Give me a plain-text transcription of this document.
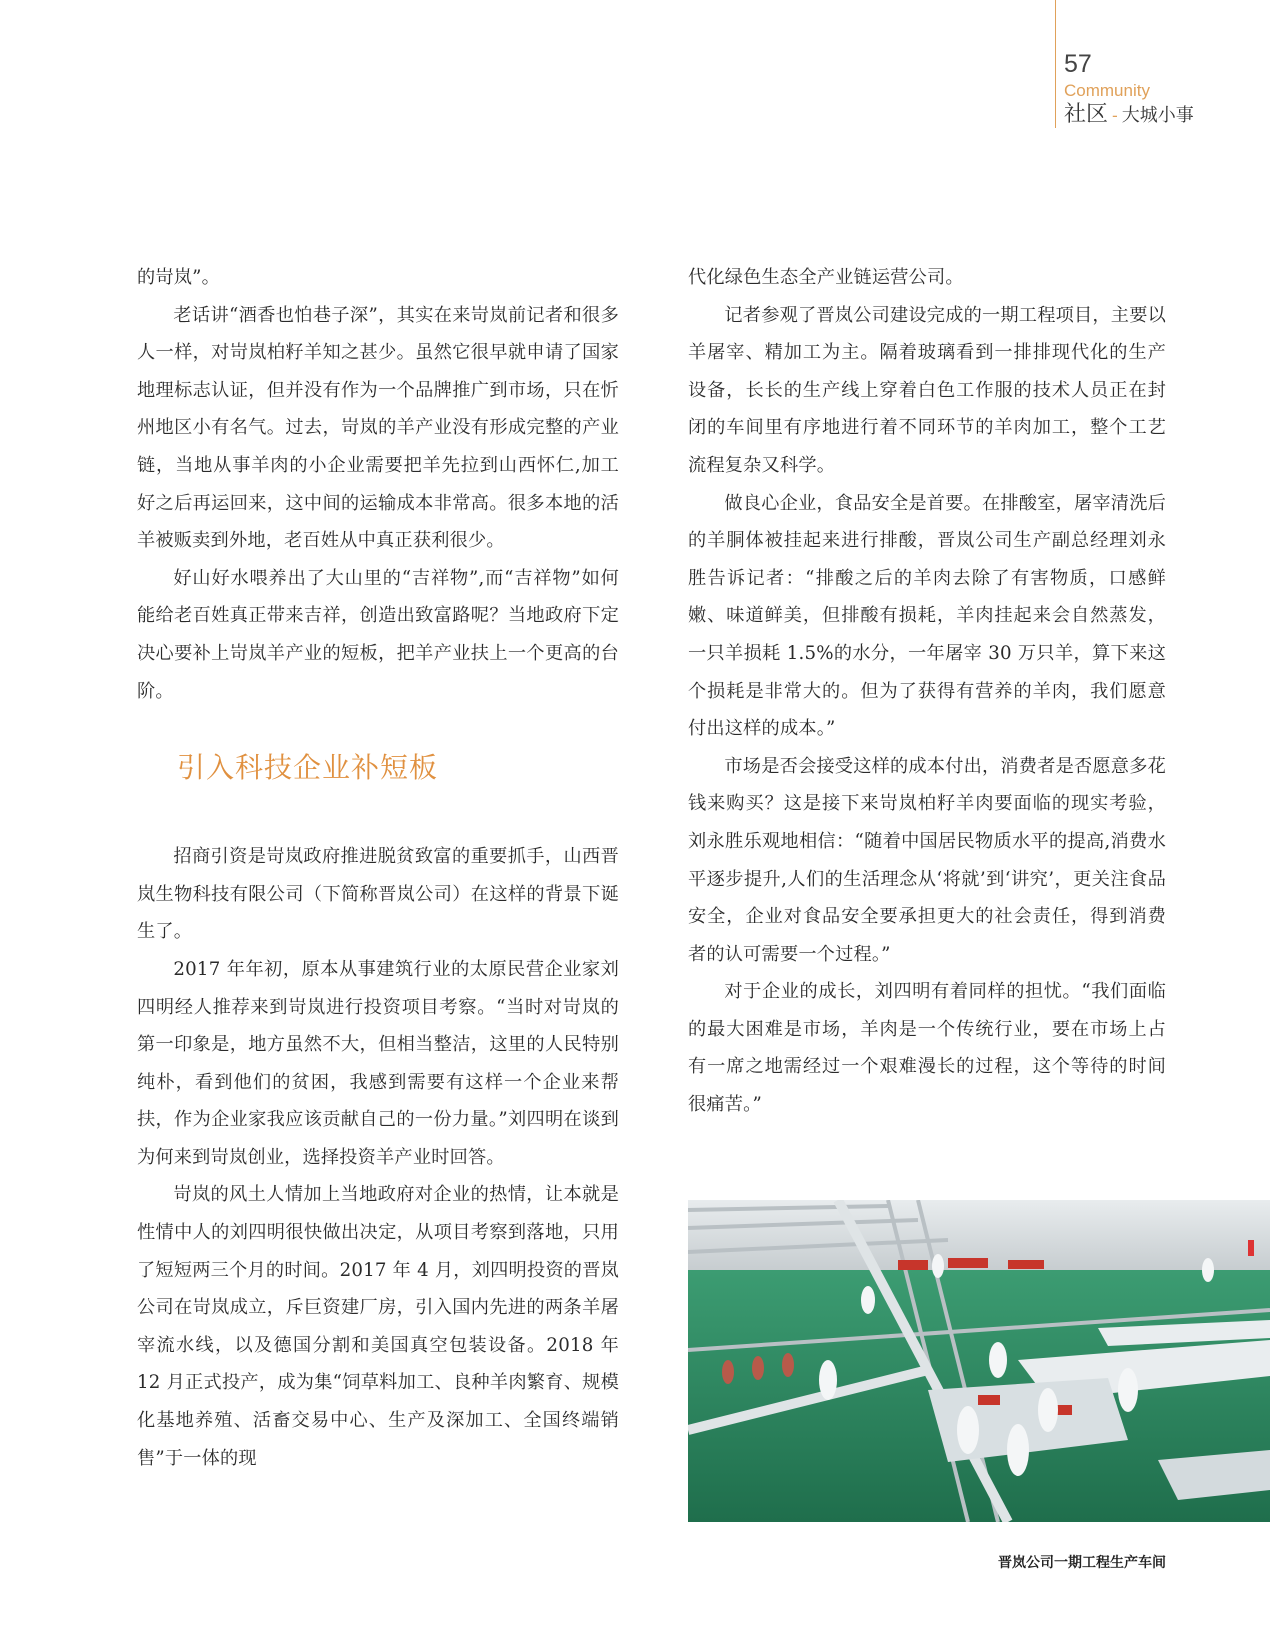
57
Community
社区 - 大城小事

的岢岚”。

老话讲“酒香也怕巷子深”，其实在来岢岚前记者和很多人一样，对岢岚柏籽羊知之甚少。虽然它很早就申请了国家地理标志认证，但并没有作为一个品牌推广到市场，只在忻州地区小有名气。过去，岢岚的羊产业没有形成完整的产业链，当地从事羊肉的小企业需要把羊先拉到山西怀仁,加工好之后再运回来，这中间的运输成本非常高。很多本地的活羊被贩卖到外地，老百姓从中真正获利很少。

好山好水喂养出了大山里的“吉祥物”,而“吉祥物”如何能给老百姓真正带来吉祥，创造出致富路呢？当地政府下定决心要补上岢岚羊产业的短板，把羊产业扶上一个更高的台阶。

引入科技企业补短板

招商引资是岢岚政府推进脱贫致富的重要抓手，山西晋岚生物科技有限公司（下简称晋岚公司）在这样的背景下诞生了。

2017 年年初，原本从事建筑行业的太原民营企业家刘四明经人推荐来到岢岚进行投资项目考察。“当时对岢岚的第一印象是，地方虽然不大，但相当整洁，这里的人民特别纯朴，看到他们的贫困，我感到需要有这样一个企业来帮扶，作为企业家我应该贡献自己的一份力量。”刘四明在谈到为何来到岢岚创业，选择投资羊产业时回答。

岢岚的风土人情加上当地政府对企业的热情，让本就是性情中人的刘四明很快做出决定，从项目考察到落地，只用了短短两三个月的时间。2017 年 4 月，刘四明投资的晋岚公司在岢岚成立，斥巨资建厂房，引入国内先进的两条羊屠宰流水线，以及德国分割和美国真空包装设备。2018 年 12 月正式投产，成为集“饲草料加工、良种羊肉繁育、规模化基地养殖、活畜交易中心、生产及深加工、全国终端销售”于一体的现

代化绿色生态全产业链运营公司。

记者参观了晋岚公司建设完成的一期工程项目，主要以羊屠宰、精加工为主。隔着玻璃看到一排排现代化的生产设备，长长的生产线上穿着白色工作服的技术人员正在封闭的车间里有序地进行着不同环节的羊肉加工，整个工艺流程复杂又科学。

做良心企业，食品安全是首要。在排酸室，屠宰清洗后的羊胴体被挂起来进行排酸，晋岚公司生产副总经理刘永胜告诉记者：“排酸之后的羊肉去除了有害物质，口感鲜嫩、味道鲜美，但排酸有损耗，羊肉挂起来会自然蒸发，一只羊损耗 1.5%的水分，一年屠宰 30 万只羊，算下来这个损耗是非常大的。但为了获得有营养的羊肉，我们愿意付出这样的成本。”

市场是否会接受这样的成本付出，消费者是否愿意多花钱来购买？这是接下来岢岚柏籽羊肉要面临的现实考验，刘永胜乐观地相信：“随着中国居民物质水平的提高,消费水平逐步提升,人们的生活理念从‘将就’到‘讲究’，更关注食品安全，企业对食品安全要承担更大的社会责任，得到消费者的认可需要一个过程。”

对于企业的成长，刘四明有着同样的担忧。“我们面临的最大困难是市场，羊肉是一个传统行业，要在市场上占有一席之地需经过一个艰难漫长的过程，这个等待的时间很痛苦。”

晋岚公司一期工程生产车间
